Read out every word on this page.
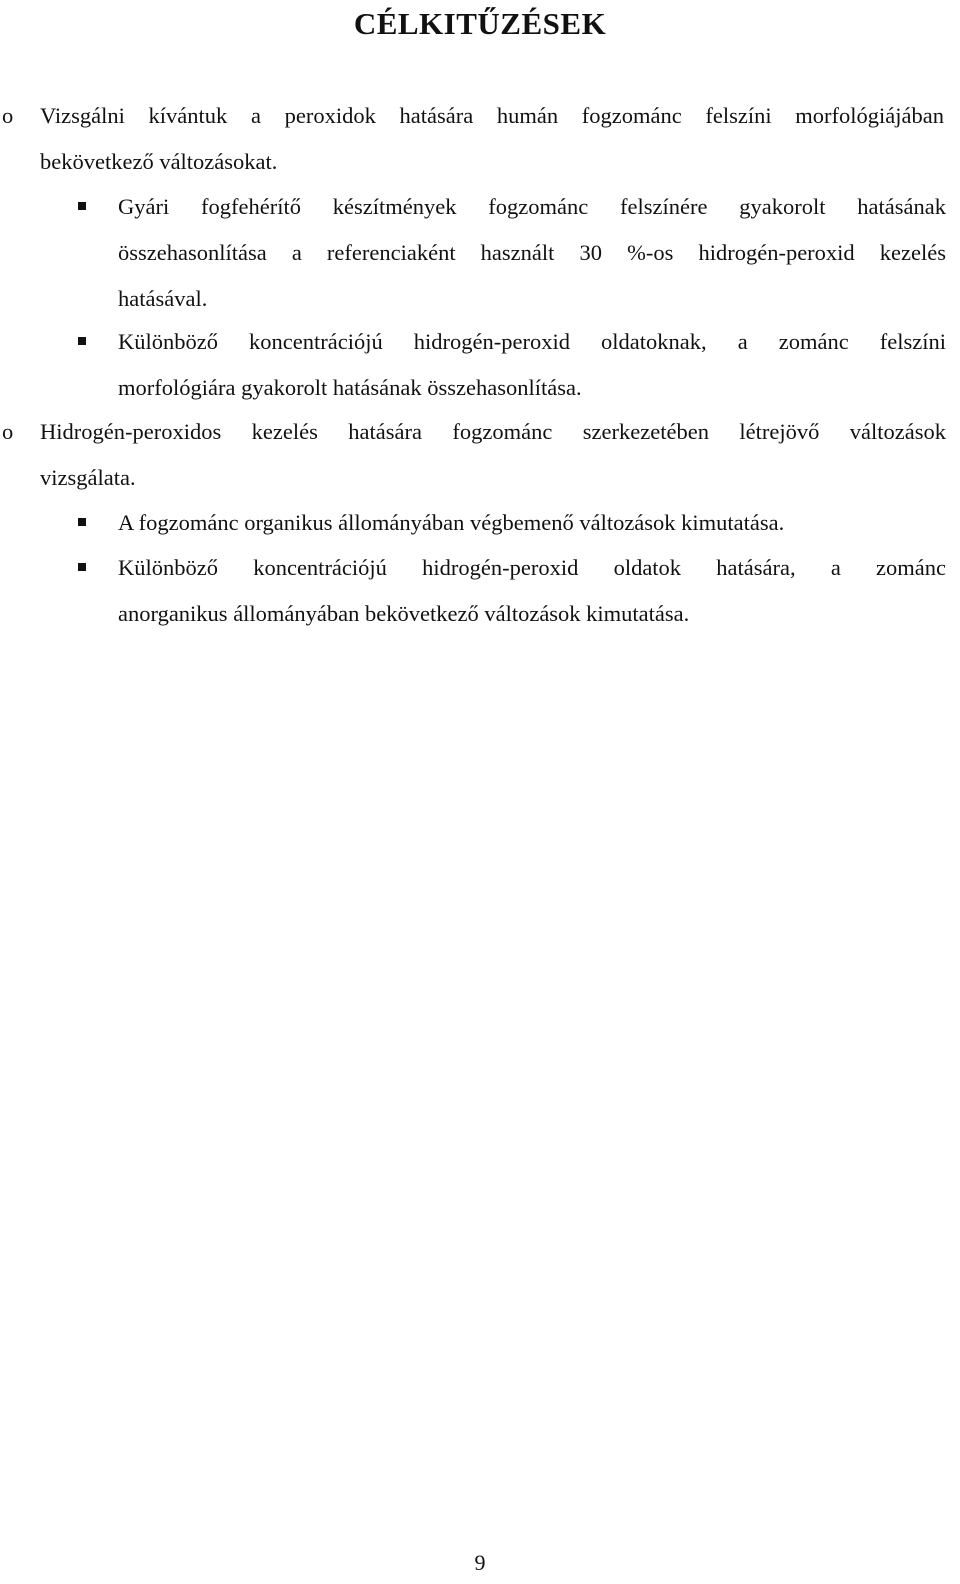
CÉLKITŰZÉSEK
o Vizsgálni kívántuk a peroxidok hatására humán fogzománc felszíni morfológiájában
bekövetkező változásokat.
Gyári fogfehérítő készítmények fogzománc felszínére gyakorolt hatásának
összehasonlítása a referenciaként használt 30 %-os hidrogén-peroxid kezelés
hatásával.
Különböző koncentrációjú hidrogén-peroxid oldatoknak, a zománc felszíni
morfológiára gyakorolt hatásának összehasonlítása.
o Hidrogén-peroxidos kezelés hatására fogzománc szerkezetében létrejövő változások
vizsgálata.
A fogzománc organikus állományában végbemenő változások kimutatása.
Különböző koncentrációjú hidrogén-peroxid oldatok hatására, a zománc
anorganikus állományában bekövetkező változások kimutatása.
9
